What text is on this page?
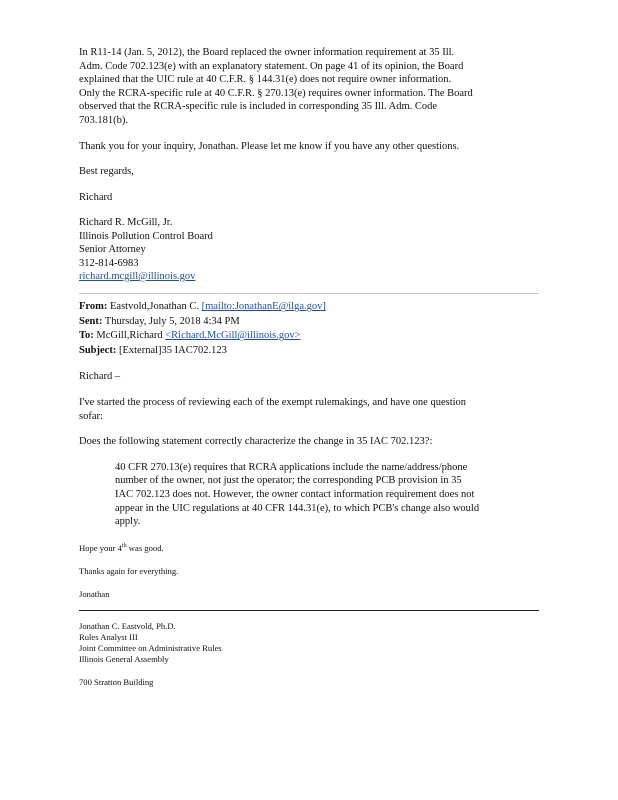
In R11-14 (Jan. 5, 2012), the Board replaced the owner information requirement at 35 Ill.

Adm. Code 702.123(e) with an explanatory statement. On page 41 of its opinion, the Board

explained that the UIC rule at 40 C.F.R. § 144.31(e) does not require owner information.

Only the RCRA-specific rule at 40 C.F.R. § 270.13(e) requires owner information. The Board

observed that the RCRA-specific rule is included in corresponding 35 Ill. Adm. Code

703.181(b).

Thank you for your inquiry, Jonathan. Please let me know if you have any other questions.

Best regards,

Richard

Richard R. McGill, Jr.
Illinois Pollution Control Board
Senior Attorney
312-814-6983
richard.mcgill@illinois.gov
From: Eastvold,Jonathan C. [mailto:JonathanE@ilga.gov]
Sent: Thursday, July 5, 2018 4:34 PM
To: McGill,Richard <Richard.McGill@illinois.gov>
Subject: [External]35 IAC702.123

Richard –

I've started the process of reviewing each of the exempt rulemakings, and have one question

sofar:

Does the following statement correctly characterize the change in 35 IAC 702.123?:

40 CFR 270.13(e) requires that RCRA applications include the name/address/phone

number of the owner, not just the operator; the corresponding PCB provision in 35

IAC 702.123 does not. However, the owner contact information requirement does not

appear in the UIC regulations at 40 CFR 144.31(e), to which PCB's change also would

apply.

Hope your 4th was good.

Thanks again for everything.

Jonathan

Jonathan C. Eastvold, Ph.D.

Rules Analyst III

Joint Committee on Administrative Rules

Illinois General Assembly

700 Stratton Building
